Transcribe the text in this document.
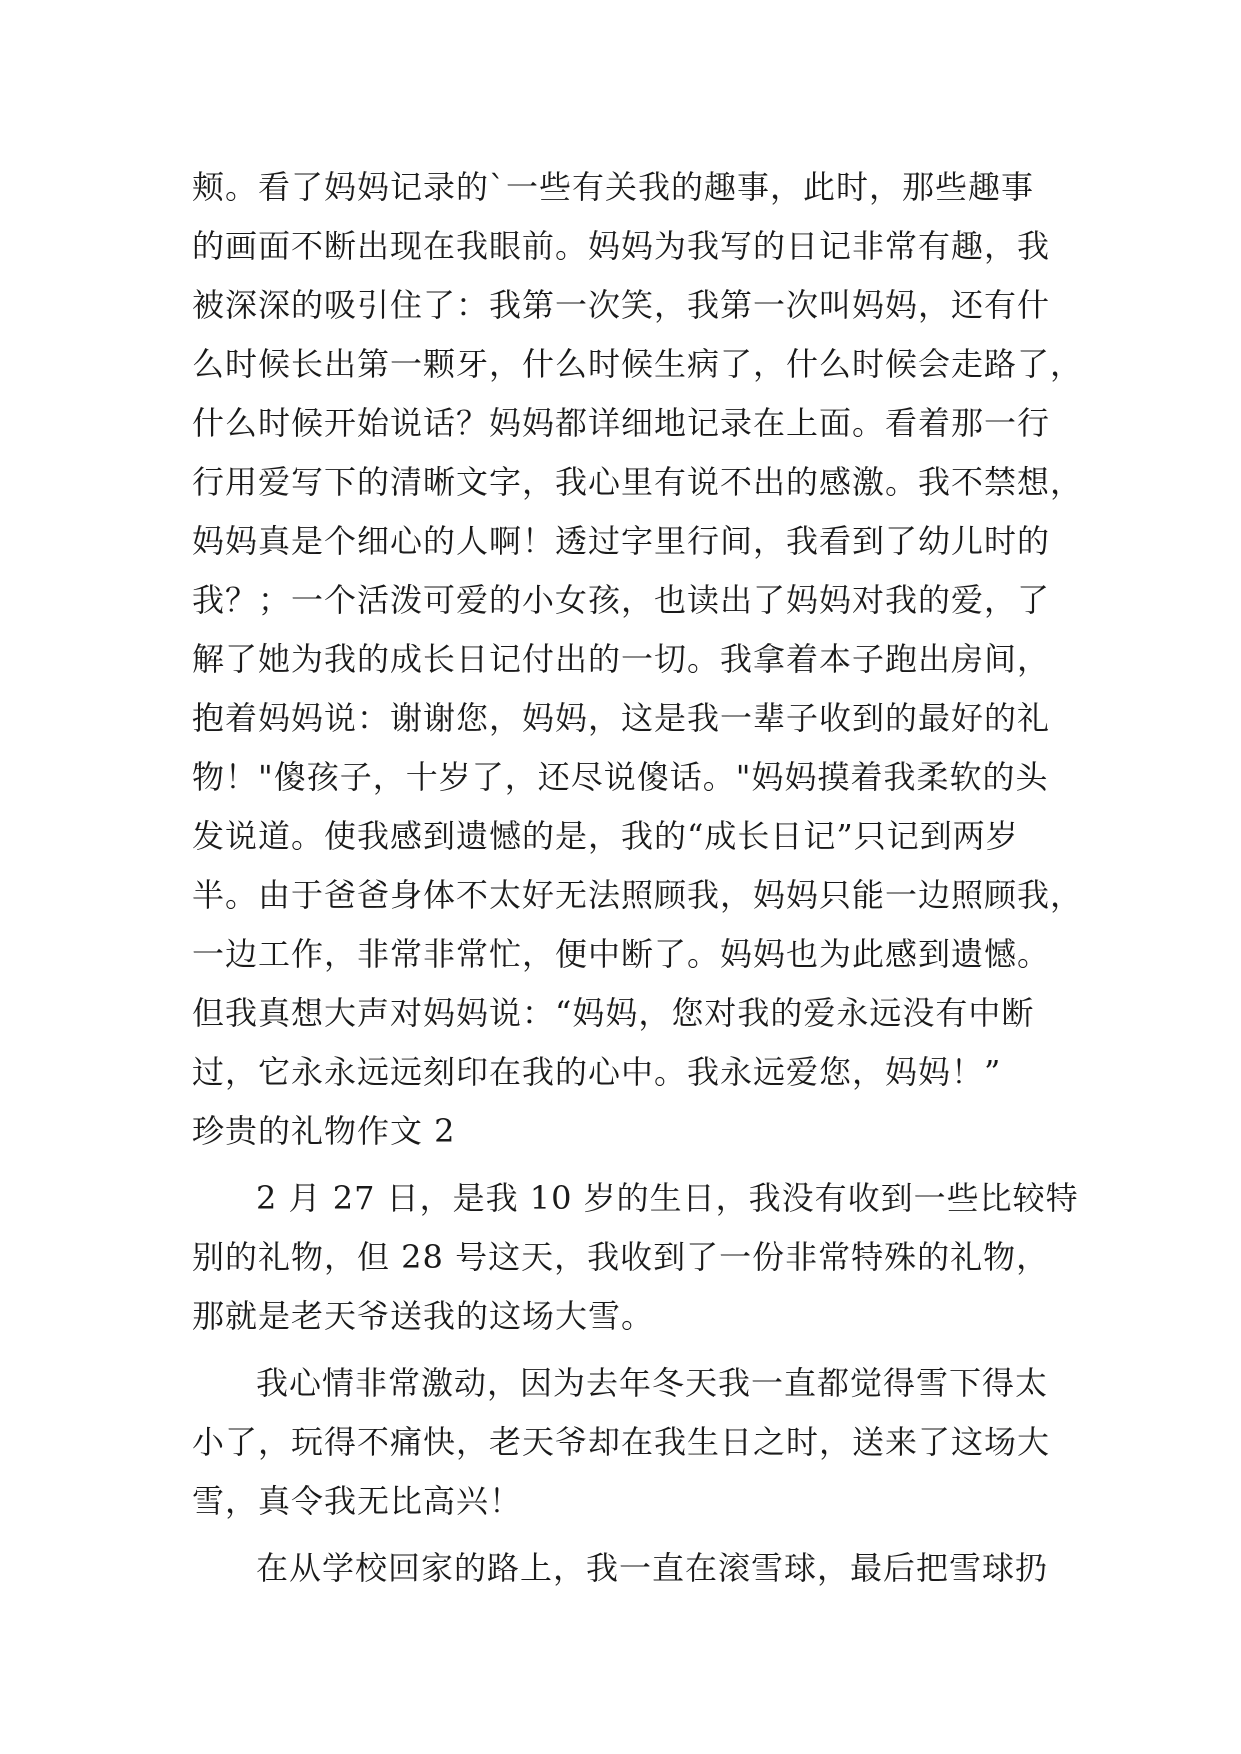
颊。看了妈妈记录的`一些有关我的趣事，此时，那些趣事
的画面不断出现在我眼前。妈妈为我写的日记非常有趣，我
被深深的吸引住了：我第一次笑，我第一次叫妈妈，还有什
么时候长出第一颗牙，什么时候生病了，什么时候会走路了，
什么时候开始说话？妈妈都详细地记录在上面。看着那一行
行用爱写下的清晰文字，我心里有说不出的感激。我不禁想，
妈妈真是个细心的人啊！透过字里行间，我看到了幼儿时的
我？；一个活泼可爱的小女孩，也读出了妈妈对我的爱，了
解了她为我的成长日记付出的一切。我拿着本子跑出房间，
抱着妈妈说：谢谢您，妈妈，这是我一辈子收到的最好的礼
物！"傻孩子，十岁了，还尽说傻话。"妈妈摸着我柔软的头
发说道。使我感到遗憾的是，我的“成长日记”只记到两岁
半。由于爸爸身体不太好无法照顾我，妈妈只能一边照顾我，
一边工作，非常非常忙，便中断了。妈妈也为此感到遗憾。
但我真想大声对妈妈说：“妈妈，您对我的爱永远没有中断
过，它永永远远刻印在我的心中。我永远爱您，妈妈！”
珍贵的礼物作文 2
2 月 27 日，是我 10 岁的生日，我没有收到一些比较特
别的礼物，但 28 号这天，我收到了一份非常特殊的礼物，
那就是老天爷送我的这场大雪。
我心情非常激动，因为去年冬天我一直都觉得雪下得太
小了，玩得不痛快，老天爷却在我生日之时，送来了这场大
雪，真令我无比高兴！
在从学校回家的路上，我一直在滚雪球，最后把雪球扔
